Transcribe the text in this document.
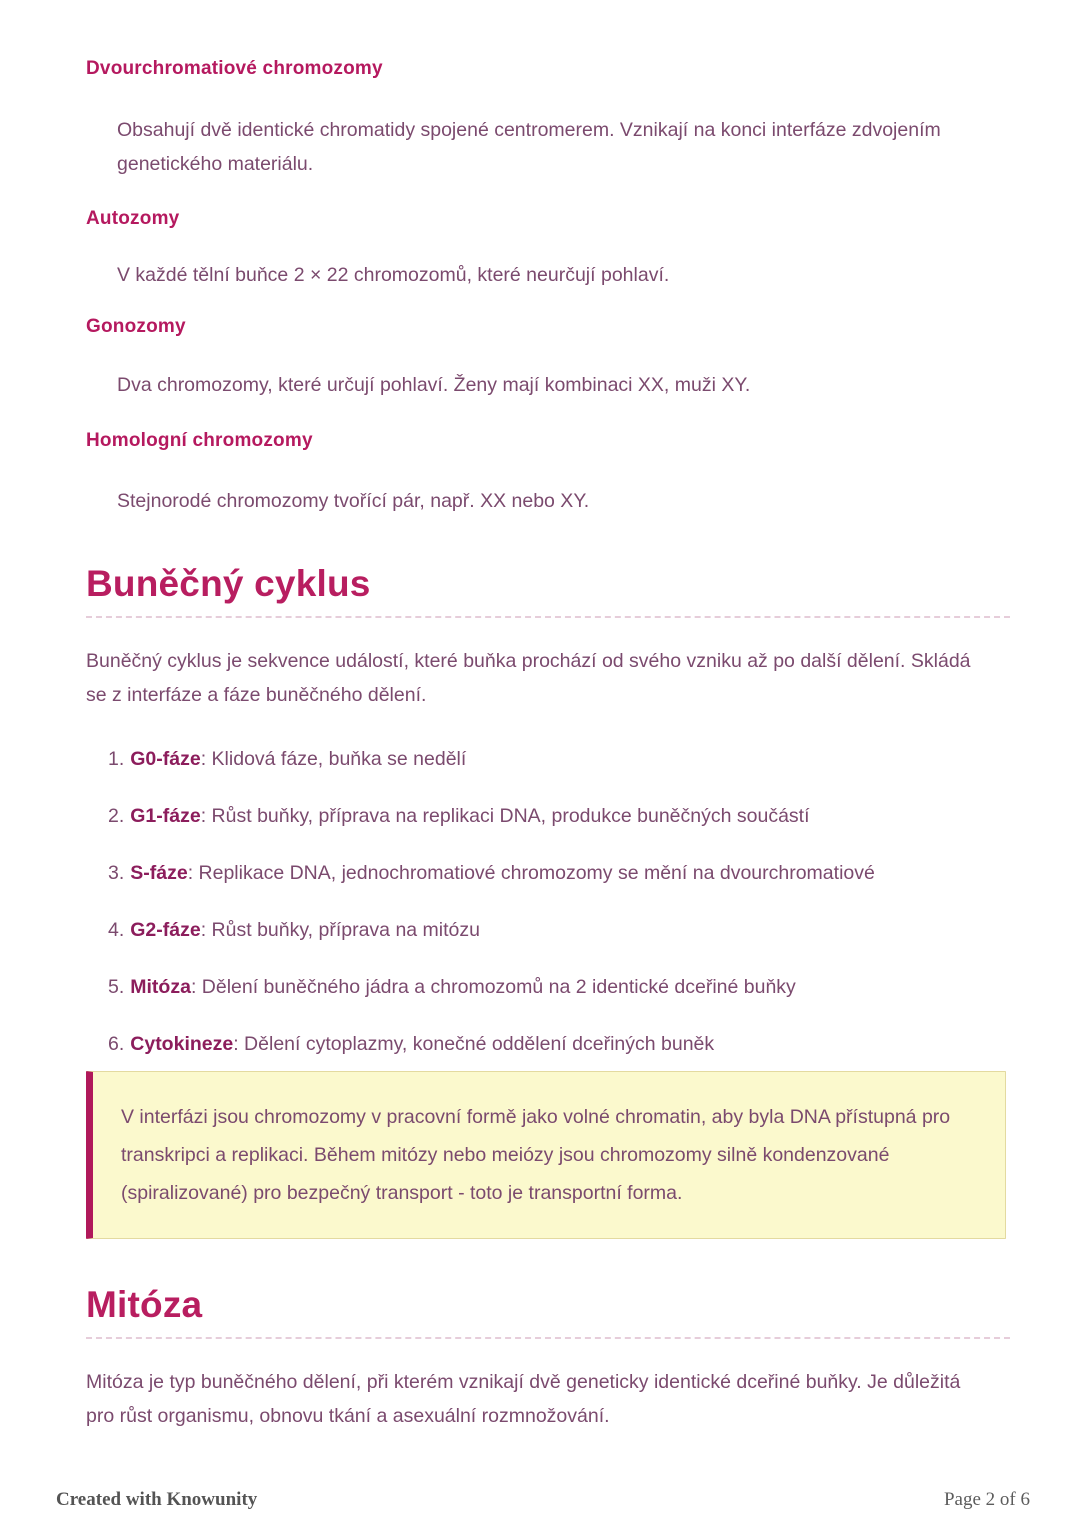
Dvourchromatiové chromozomy

Obsahují dvě identické chromatidy spojené centromerem. Vznikají na konci interfáze zdvojením genetického materiálu.

Autozomy

V každé tělní buňce 2 × 22 chromozomů, které neurčují pohlaví.

Gonozomy

Dva chromozomy, které určují pohlaví. Ženy mají kombinaci XX, muži XY.

Homologní chromozomy

Stejnorodé chromozomy tvořící pár, např. XX nebo XY.

Buněčný cyklus

Buněčný cyklus je sekvence událostí, které buňka prochází od svého vzniku až po další dělení. Skládá se z interfáze a fáze buněčného dělení.

1. G0-fáze: Klidová fáze, buňka se nedělí
2. G1-fáze: Růst buňky, příprava na replikaci DNA, produkce buněčných součástí
3. S-fáze: Replikace DNA, jednochromatiové chromozomy se mění na dvourchromatiové
4. G2-fáze: Růst buňky, příprava na mitózu
5. Mitóza: Dělení buněčného jádra a chromozomů na 2 identické dceřiné buňky
6. Cytokineze: Dělení cytoplazmy, konečné oddělení dceřiných buněk

V interfázi jsou chromozomy v pracovní formě jako volné chromatin, aby byla DNA přístupná pro transkripci a replikaci. Během mitózy nebo meiózy jsou chromozomy silně kondenzované (spiralizované) pro bezpečný transport - toto je transportní forma.

Mitóza

Mitóza je typ buněčného dělení, při kterém vznikají dvě geneticky identické dceřiné buňky. Je důležitá pro růst organismu, obnovu tkání a asexuální rozmnožování.

Created with Knowunity	Page 2 of 6
